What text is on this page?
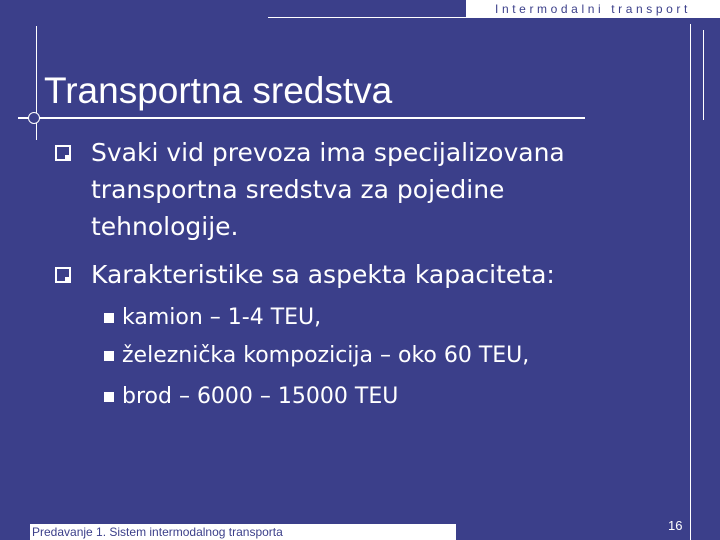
Intermodalni transport
Transportna sredstva
Svaki vid prevoza ima specijalizovana
transportna sredstva za pojedine
tehnologije.
Karakteristike sa aspekta kapaciteta:
kamion – 1-4 TEU,
železnička kompozicija – oko 60 TEU,
brod – 6000 – 15000 TEU
Predavanje 1. Sistem intermodalnog transporta	16
